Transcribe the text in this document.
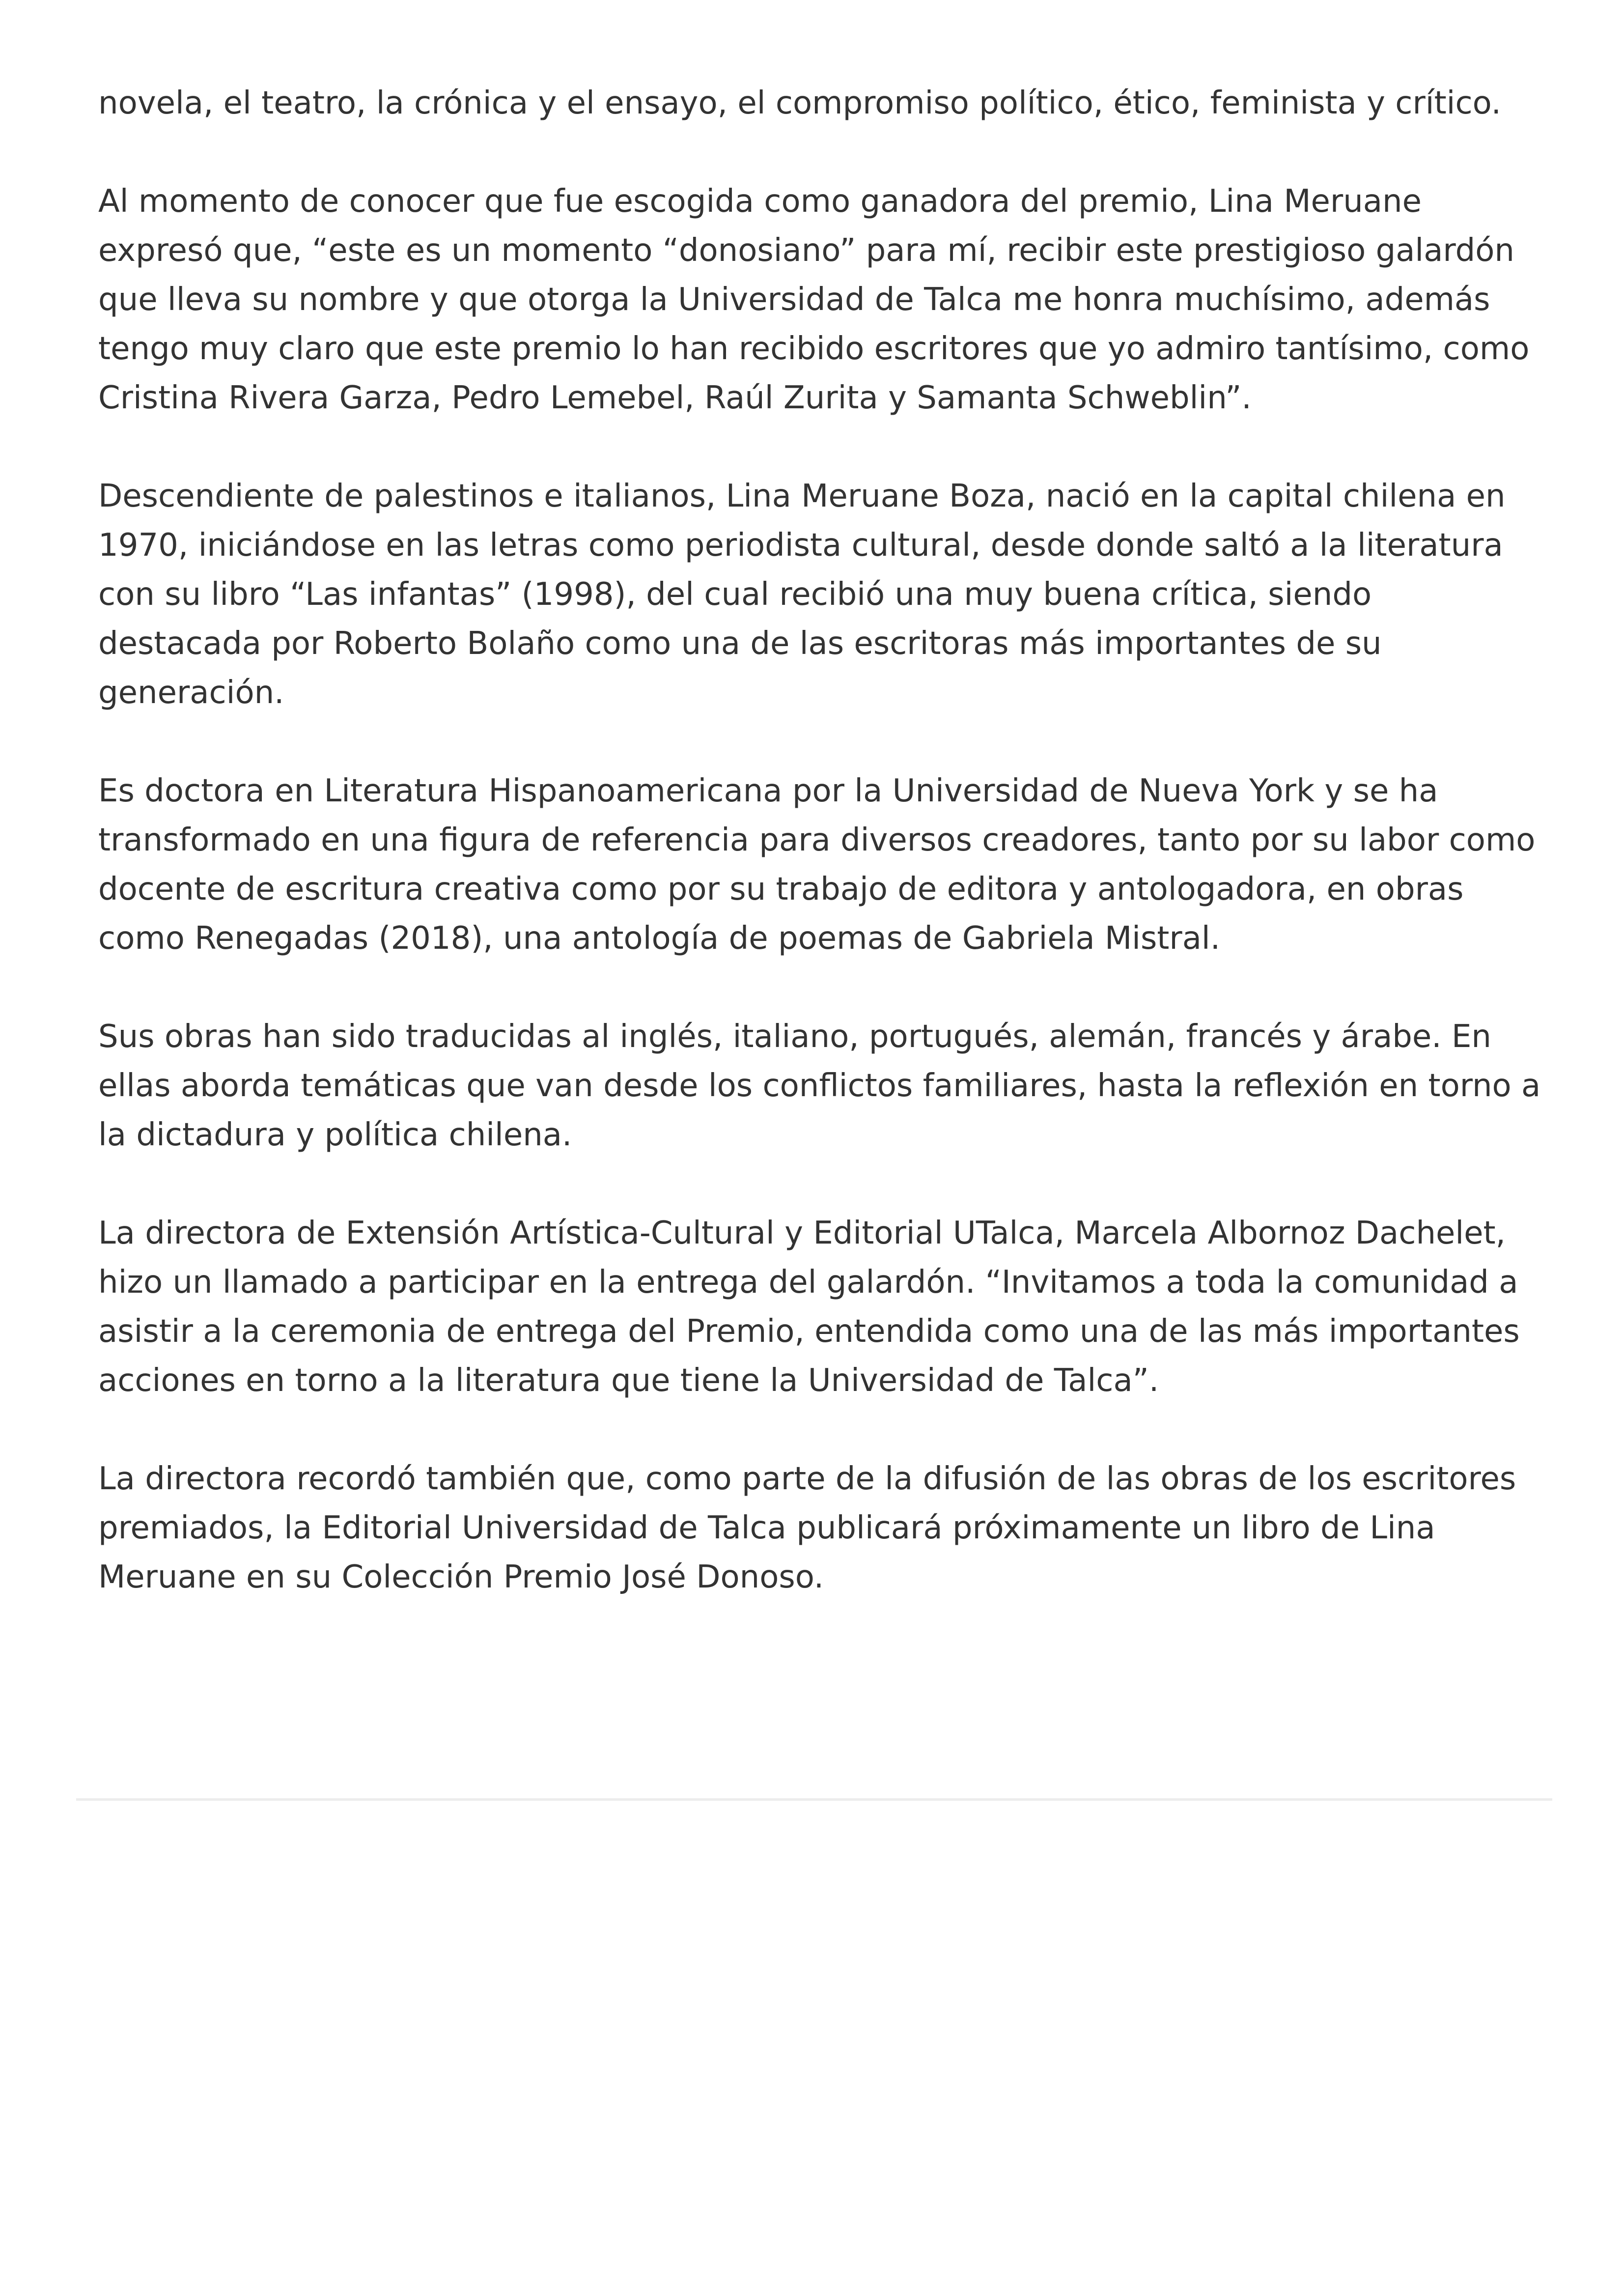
novela, el teatro, la crónica y el ensayo, el compromiso político, ético, feminista y crítico.

Al momento de conocer que fue escogida como ganadora del premio, Lina Meruane expresó que, “este es un momento “donosiano” para mí, recibir este prestigioso galardón que lleva su nombre y que otorga la Universidad de Talca me honra muchísimo, además tengo muy claro que este premio lo han recibido escritores que yo admiro tantísimo, como Cristina Rivera Garza, Pedro Lemebel, Raúl Zurita y Samanta Schweblin”.

Descendiente de palestinos e italianos, Lina Meruane Boza, nació en la capital chilena en 1970, iniciándose en las letras como periodista cultural, desde donde saltó a la literatura con su libro “Las infantas” (1998), del cual recibió una muy buena crítica, siendo destacada por Roberto Bolaño como una de las escritoras más importantes de su generación.

Es doctora en Literatura Hispanoamericana por la Universidad de Nueva York y se ha transformado en una figura de referencia para diversos creadores, tanto por su labor como docente de escritura creativa como por su trabajo de editora y antologadora, en obras como Renegadas (2018), una antología de poemas de Gabriela Mistral.

Sus obras han sido traducidas al inglés, italiano, portugués, alemán, francés y árabe. En ellas aborda temáticas que van desde los conflictos familiares, hasta la reflexión en torno a la dictadura y política chilena.

La directora de Extensión Artística-Cultural y Editorial UTalca, Marcela Albornoz Dachelet, hizo un llamado a participar en la entrega del galardón. “Invitamos a toda la comunidad a asistir a la ceremonia de entrega del Premio, entendida como una de las más importantes acciones en torno a la literatura que tiene la Universidad de Talca”.

La directora recordó también que, como parte de la difusión de las obras de los escritores premiados, la Editorial Universidad de Talca publicará próximamente un libro de Lina Meruane en su Colección Premio José Donoso.
